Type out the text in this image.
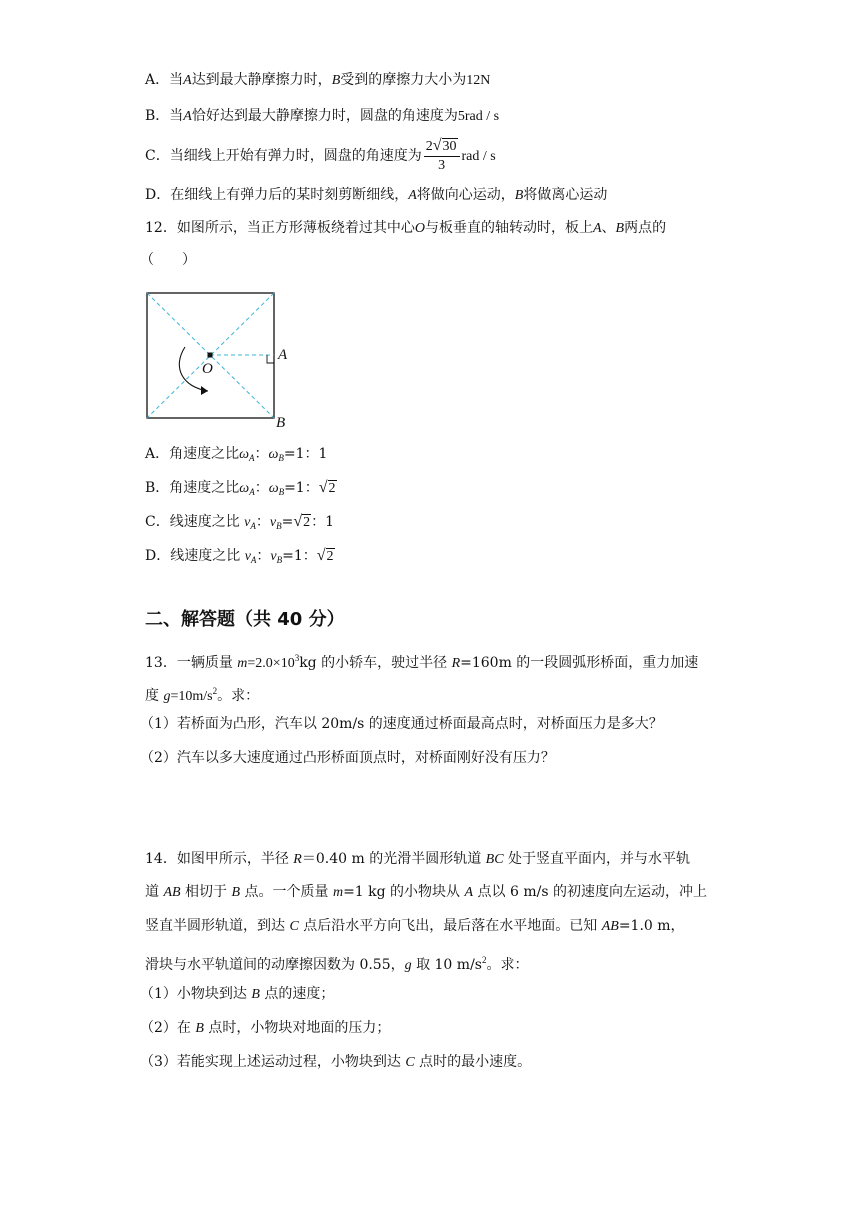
A．当A达到最大静摩擦力时，B受到的摩擦力大小为12N
B．当A恰好达到最大静摩擦力时，圆盘的角速度为5rad / s
C．当细线上开始有弹力时，圆盘的角速度为 $\frac{2√30}{3}$ rad / s
D．在细线上有弹力后的某时刻剪断细线，A将做向心运动，B将做离心运动
12．如图所示，当正方形薄板绕着过其中心O与板垂直的轴转动时，板上A、B两点的
（　　）
O
A
B
A．角速度之比$\omega_A$：$\omega_B=1$：1
B．角速度之比$\omega_A$：$\omega_B=1$：√2
C．线速度之比 $v_A$：$v_B=√2$：1
D．线速度之比 $v_A$：$v_B=1$：√2
二、解答题（共 40 分）
13．一辆质量 $m=2.0\times 10^3kg$ 的小轿车，驶过半径 R=160m 的一段圆弧形桥面，重力加速
度 $g=10m/s^2$。求：
（1）若桥面为凸形，汽车以 20m/s 的速度通过桥面最高点时，对桥面压力是多大？
（2）汽车以多大速度通过凸形桥面顶点时，对桥面刚好没有压力？
14．如图甲所示，半径 R＝0.40 m 的光滑半圆形轨道 BC 处于竖直平面内，并与水平轨
道 AB 相切于 B 点。一个质量 m=1 kg 的小物块从 A 点以 6 m/s 的初速度向左运动，冲上
竖直半圆形轨道，到达 C 点后沿水平方向飞出，最后落在水平地面。已知 AB=1.0 m，
滑块与水平轨道间的动摩擦因数为 0.55，g 取 10 $m/s^2$。求：
（1）小物块到达 B 点的速度；
（2）在 B 点时，小物块对地面的压力；
（3）若能实现上述运动过程，小物块到达 C 点时的最小速度。
